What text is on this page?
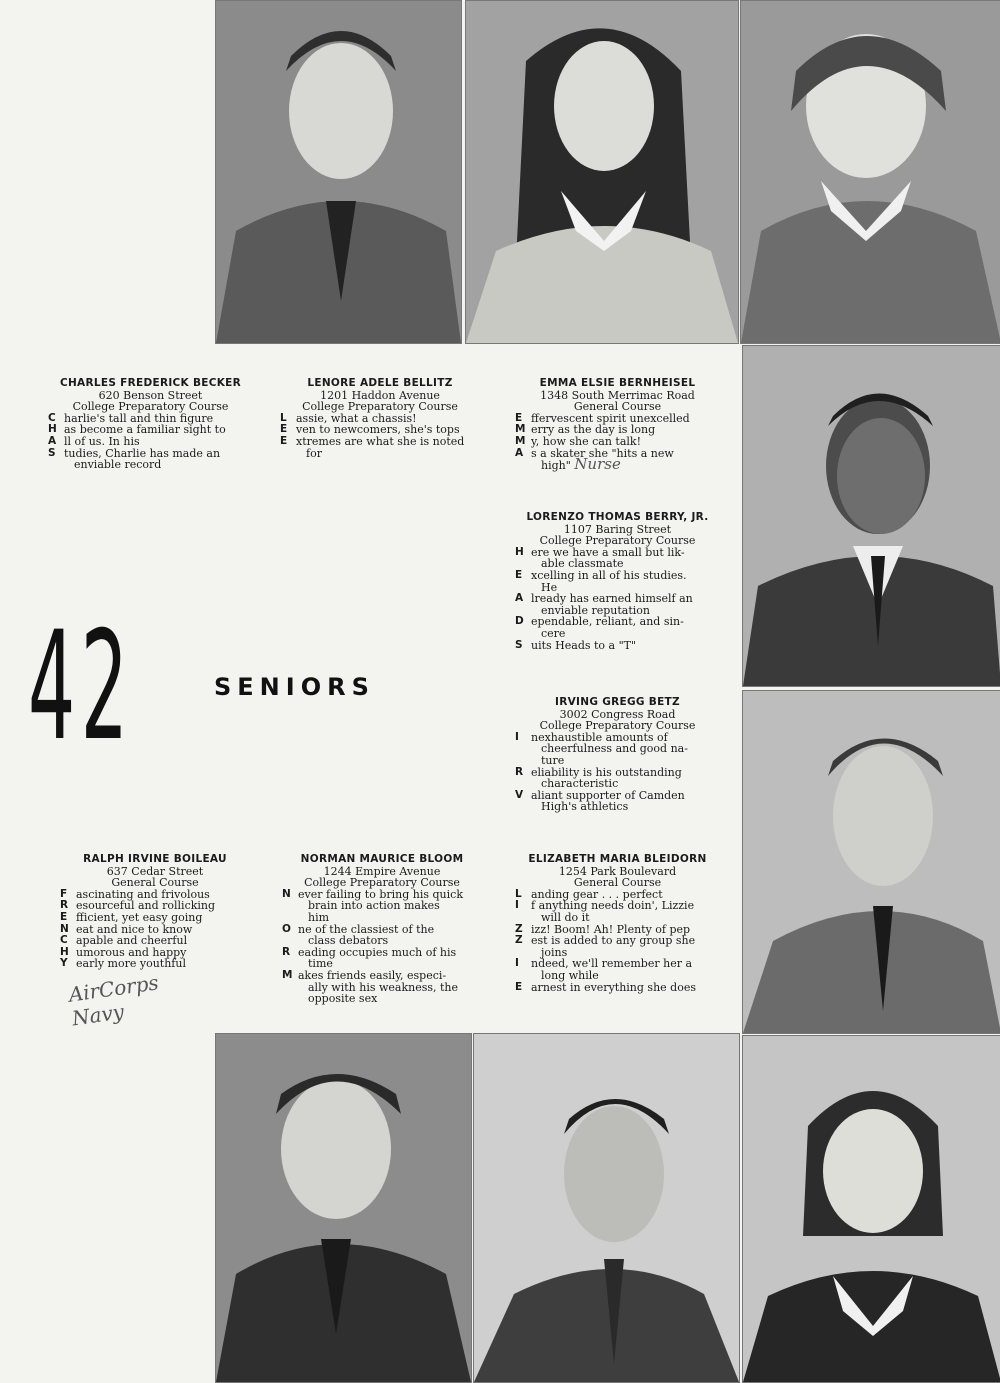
42	SENIORS
CHARLES FREDERICK BECKER
620 Benson Street
College Preparatory Course
C harlie's tall and thin figure
H as become a familiar sight to
A ll of us. In his
S tudies, Charlie has made an
enviable record
LENORE ADELE BELLITZ
1201 Haddon Avenue
College Preparatory Course
L assie, what a chassis!
E ven to newcomers, she's tops
E xtremes are what she is noted
for
EMMA ELSIE BERNHEISEL
1348 South Merrimac Road
General Course
E ffervescent spirit unexcelled
M erry as the day is long
M y, how she can talk!
A s a skater she "hits a new
high" Nurse
LORENZO THOMAS BERRY, JR.
1107 Baring Street
College Preparatory Course
H ere we have a small but lik-
able classmate
E xcelling in all of his studies.
He
A lready has earned himself an
enviable reputation
D ependable, reliant, and sin-
cere
S uits Heads to a "T"
IRVING GREGG BETZ
3002 Congress Road
College Preparatory Course
I	nexhaustible amounts of
cheerfulness and good na-
ture
R eliability is his outstanding
characteristic
V aliant supporter of Camden
High's athletics
RALPH IRVINE BOILEAU
637 Cedar Street
General Course
F ascinating and frivolous
R esourceful and rollicking
E fficient, yet easy going
N eat and nice to know
C apable and cheerful
H umorous and happy
Y early more youthful
AirCorps Navy
NORMAN MAURICE BLOOM
1244 Empire Avenue
College Preparatory Course
N ever failing to bring his quick
brain into action makes
him
O ne of the classiest of the
class debators
R eading occupies much of his
time
M akes friends easily, especi-
ally with his weakness, the
opposite sex
ELIZABETH MARIA BLEIDORN
1254 Park Boulevard
General Course
L anding gear . . . perfect
I	f anything needs doin', Lizzie
will do it
Z izz! Boom! Ah! Plenty of pep
Z est is added to any group she
joins
I	ndeed, we'll remember her a
long while
E arnest in everything she does
